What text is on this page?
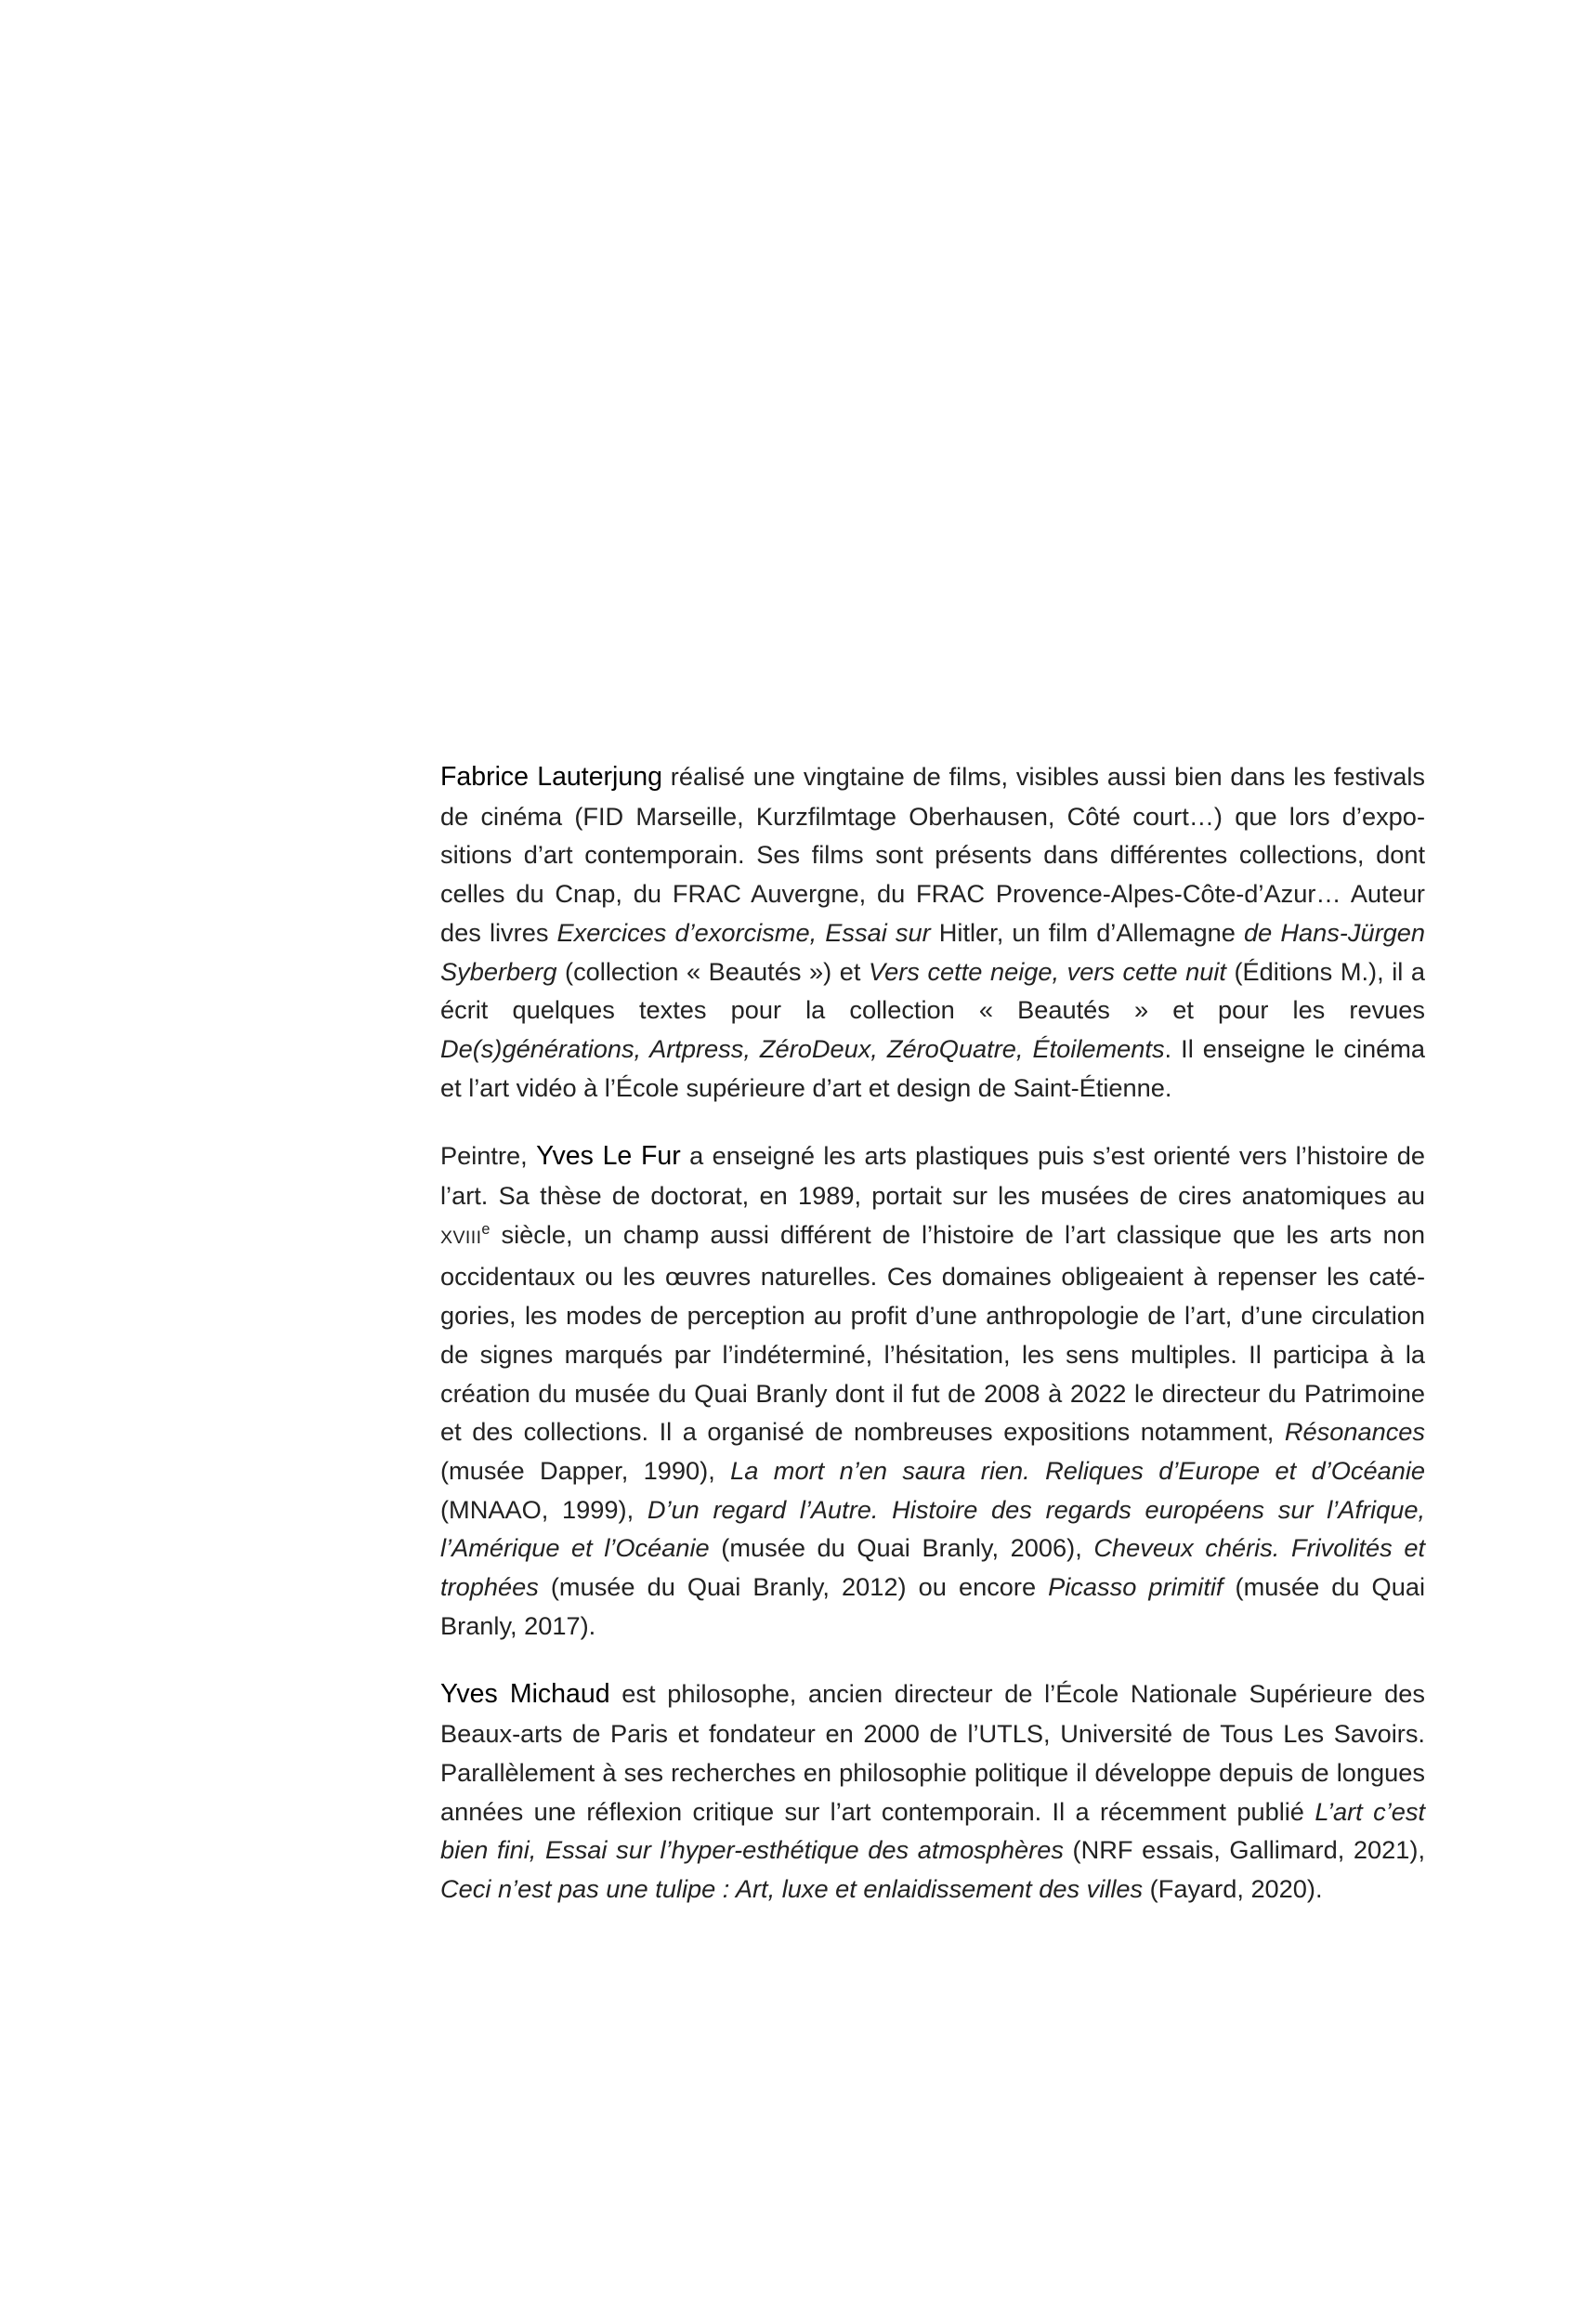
Fabrice Lauterjung réalisé une vingtaine de films, visibles aussi bien dans les festivals de cinéma (FID Marseille, Kurzfilmtage Oberhausen, Côté court…) que lors d’expositions d’art contemporain. Ses films sont présents dans différentes collections, dont celles du Cnap, du FRAC Auvergne, du FRAC Provence-Alpes-Côte-d’Azur… Auteur des livres Exercices d’exorcisme, Essai sur Hitler, un film d’Allemagne de Hans-Jürgen Syberberg (collection « Beautés ») et Vers cette neige, vers cette nuit (Éditions M.), il a écrit quelques textes pour la collection « Beautés » et pour les revues De(s)générations, Artpress, ZéroDeux, ZéroQuatre, Étoilements. Il enseigne le cinéma et l’art vidéo à l’École supérieure d’art et design de Saint-Étienne.

Peintre, Yves Le Fur a enseigné les arts plastiques puis s’est orienté vers l’histoire de l’art. Sa thèse de doctorat, en 1989, portait sur les musées de cires anatomiques au XVIIIe siècle, un champ aussi différent de l’histoire de l’art classique que les arts non occidentaux ou les œuvres naturelles. Ces domaines obligeaient à repenser les catégories, les modes de perception au profit d’une anthropologie de l’art, d’une circulation de signes marqués par l’indéterminé, l’hésitation, les sens multiples. Il participa à la création du musée du Quai Branly dont il fut de 2008 à 2022 le directeur du Patrimoine et des collections. Il a organisé de nombreuses expositions notamment, Résonances (musée Dapper, 1990), La mort n’en saura rien. Reliques d’Europe et d’Océanie (MNAAO, 1999), D’un regard l’Autre. Histoire des regards européens sur l’Afrique, l’Amérique et l’Océanie (musée du Quai Branly, 2006), Cheveux chéris. Frivolités et trophées (musée du Quai Branly, 2012) ou encore Picasso primitif (musée du Quai Branly, 2017).

Yves Michaud est philosophe, ancien directeur de l’École Nationale Supérieure des Beaux-arts de Paris et fondateur en 2000 de l’UTLS, Université de Tous Les Savoirs. Parallèlement à ses recherches en philosophie politique il développe depuis de longues années une réflexion critique sur l’art contemporain. Il a récemment publié L’art c’est bien fini, Essai sur l’hyper-esthétique des atmosphères (NRF essais, Gallimard, 2021), Ceci n’est pas une tulipe : Art, luxe et enlaidissement des villes (Fayard, 2020).
